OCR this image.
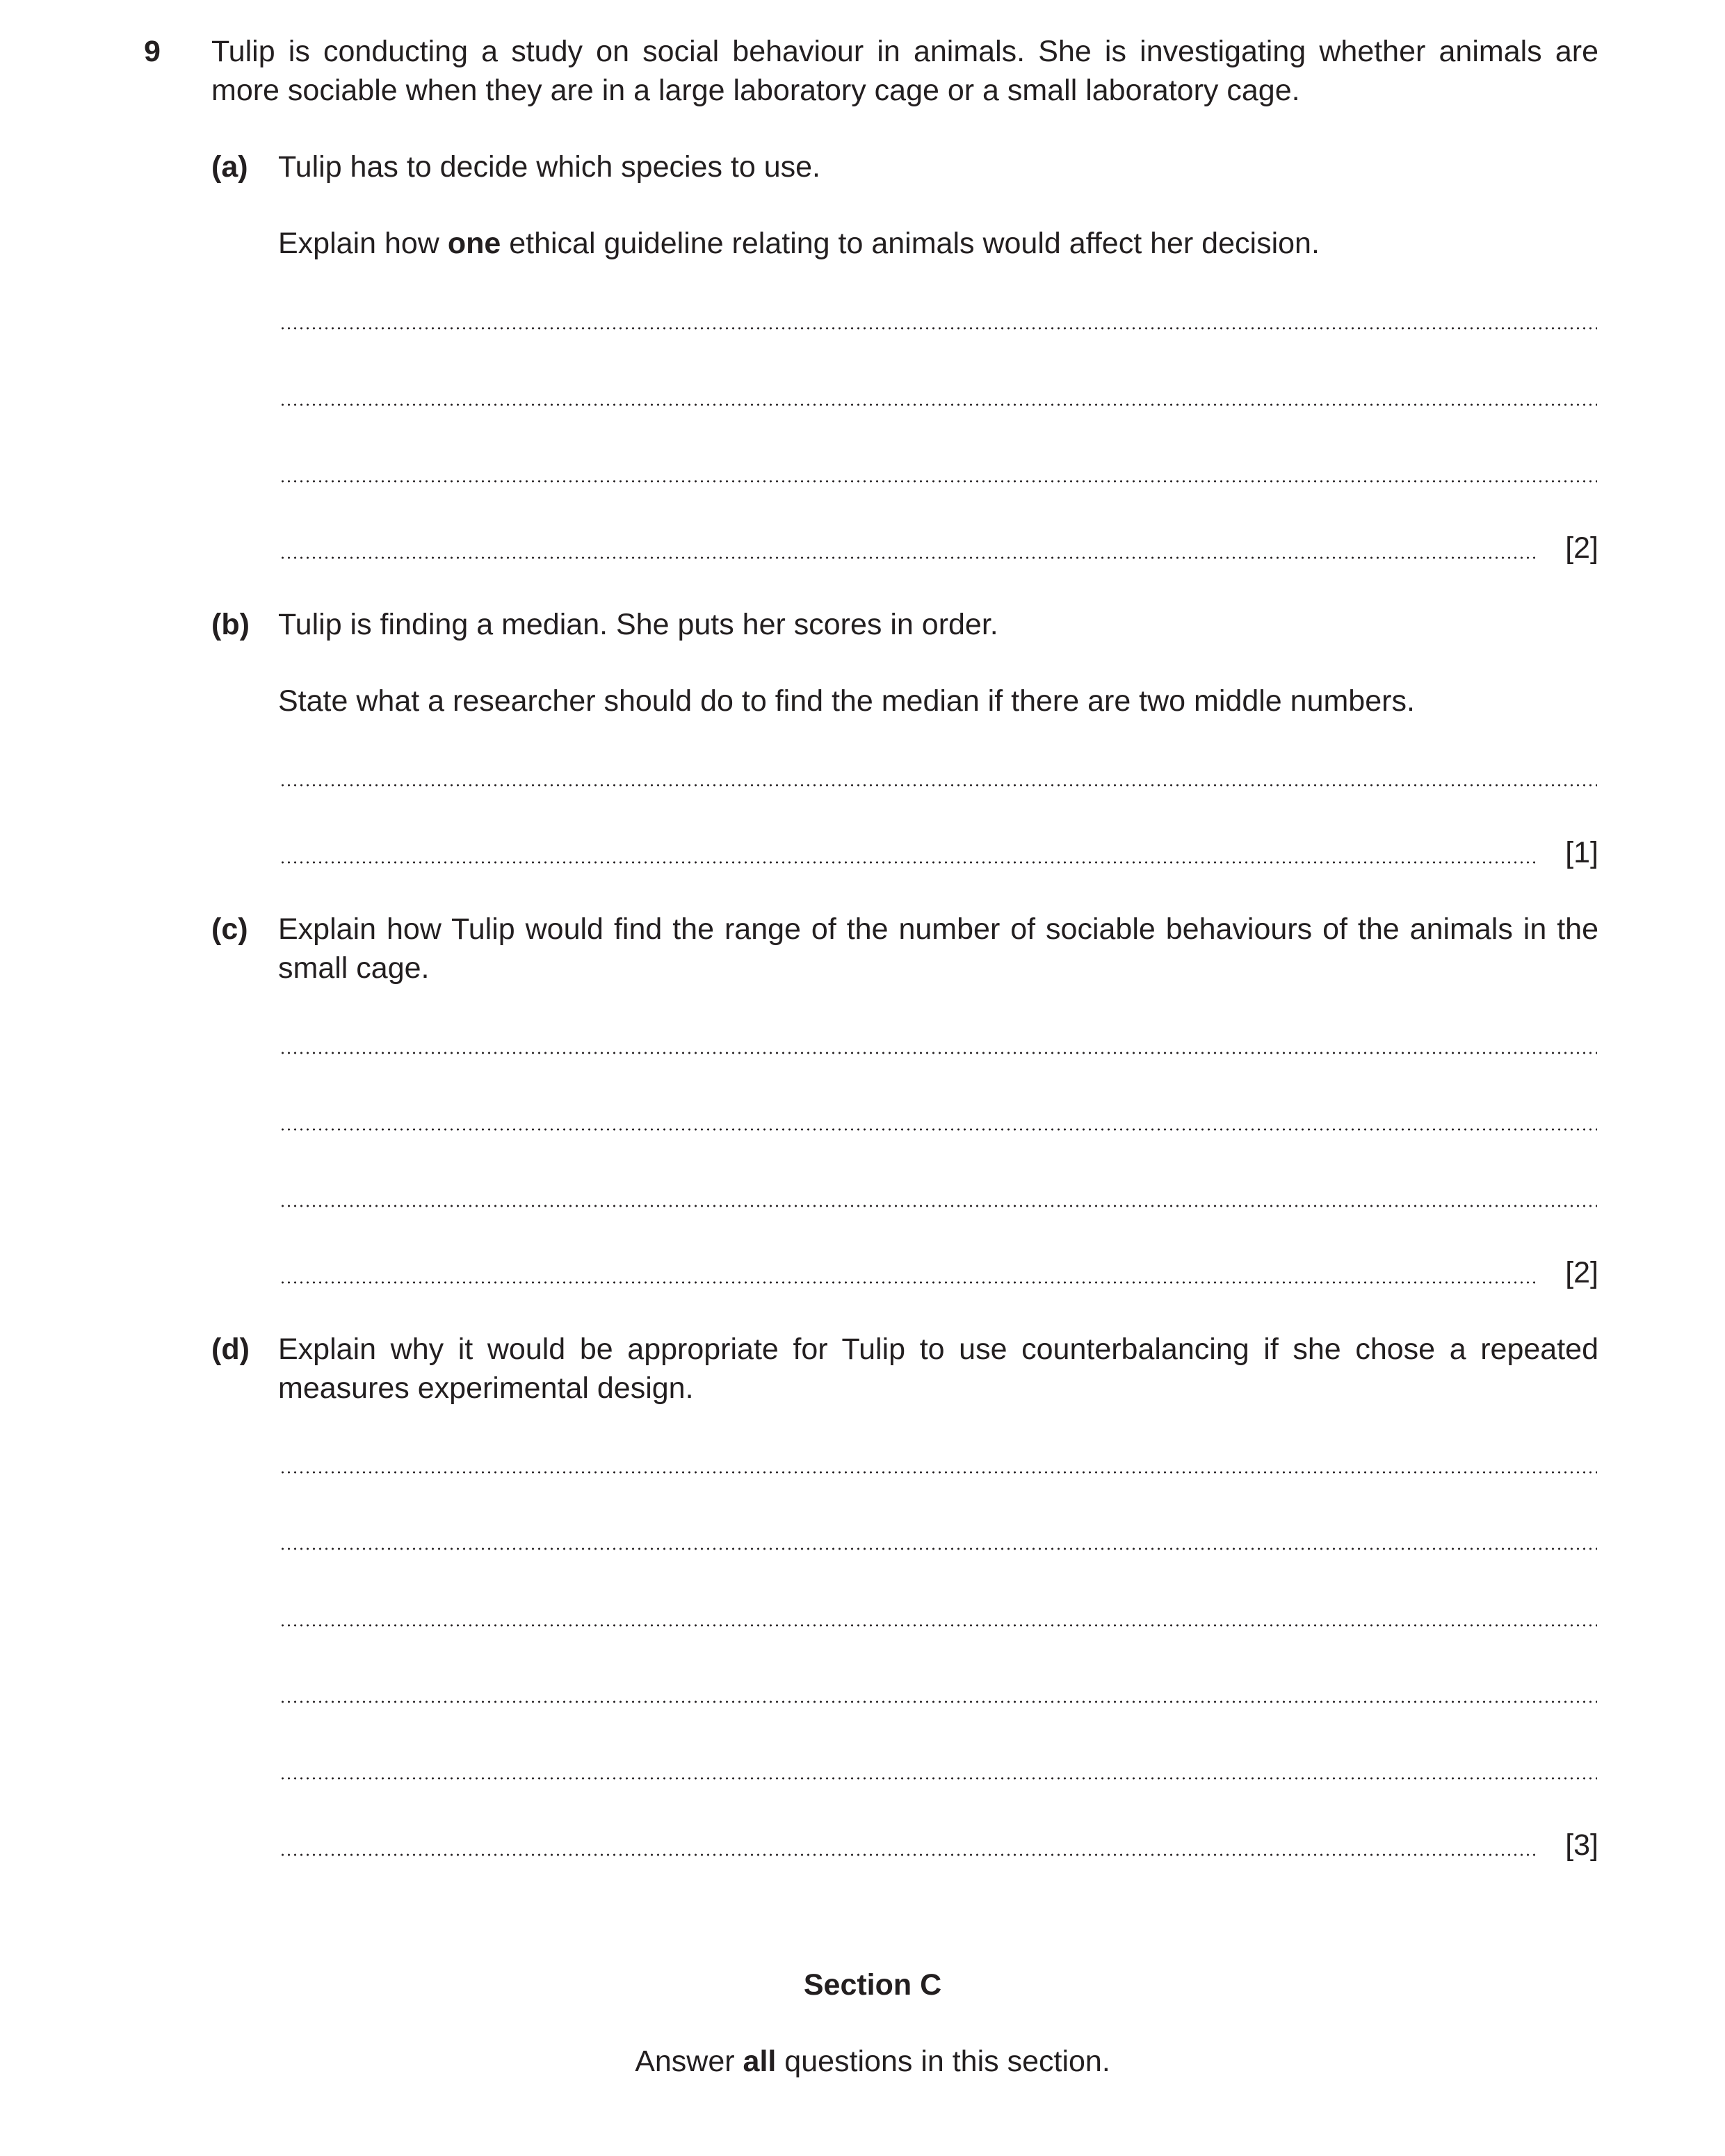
9 Tulip is conducting a study on social behaviour in animals. She is investigating whether animals are more sociable when they are in a large laboratory cage or a small laboratory cage.
(a) Tulip has to decide which species to use.
Explain how one ethical guideline relating to animals would affect her decision.
[2]
(b) Tulip is finding a median. She puts her scores in order.
State what a researcher should do to find the median if there are two middle numbers.
[1]
(c) Explain how Tulip would find the range of the number of sociable behaviours of the animals in the small cage.
[2]
(d) Explain why it would be appropriate for Tulip to use counterbalancing if she chose a repeated measures experimental design.
[3]
Section C
Answer all questions in this section.
